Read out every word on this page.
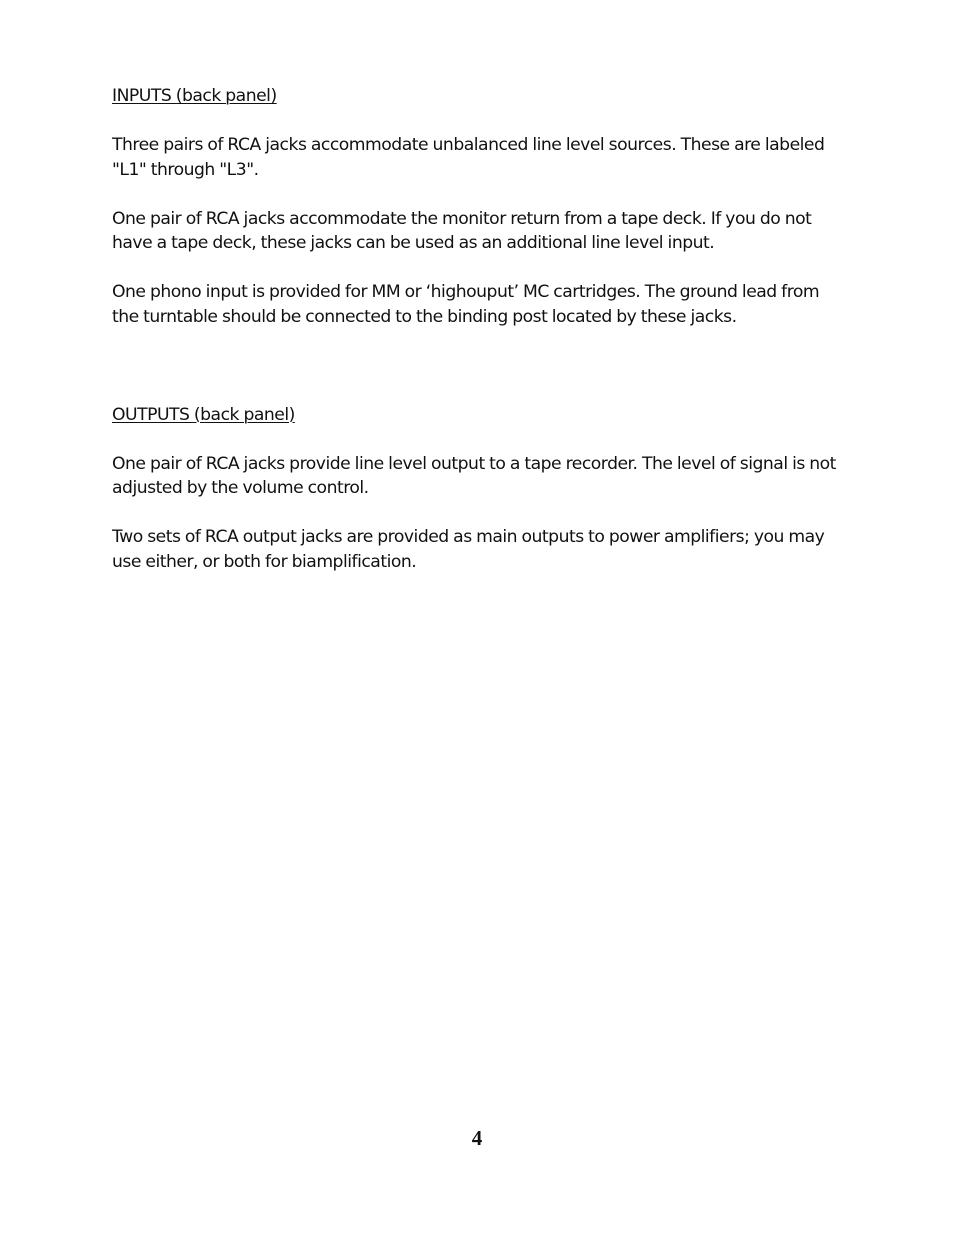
INPUTS (back panel)

Three pairs of RCA jacks accommodate unbalanced line level sources. These are labeled "L1" through "L3".

One pair of RCA jacks accommodate the monitor return from a tape deck. If you do not have a tape deck, these jacks can be used as an additional line level input.

One phono input is provided for MM or ‘highouput’ MC cartridges. The ground lead from the turntable should be connected to the binding post located by these jacks.

OUTPUTS (back panel)

One pair of RCA jacks provide line level output to a tape recorder. The level of signal is not adjusted by the volume control.

Two sets of RCA output jacks are provided as main outputs to power amplifiers; you may use either, or both for biamplification.

4
